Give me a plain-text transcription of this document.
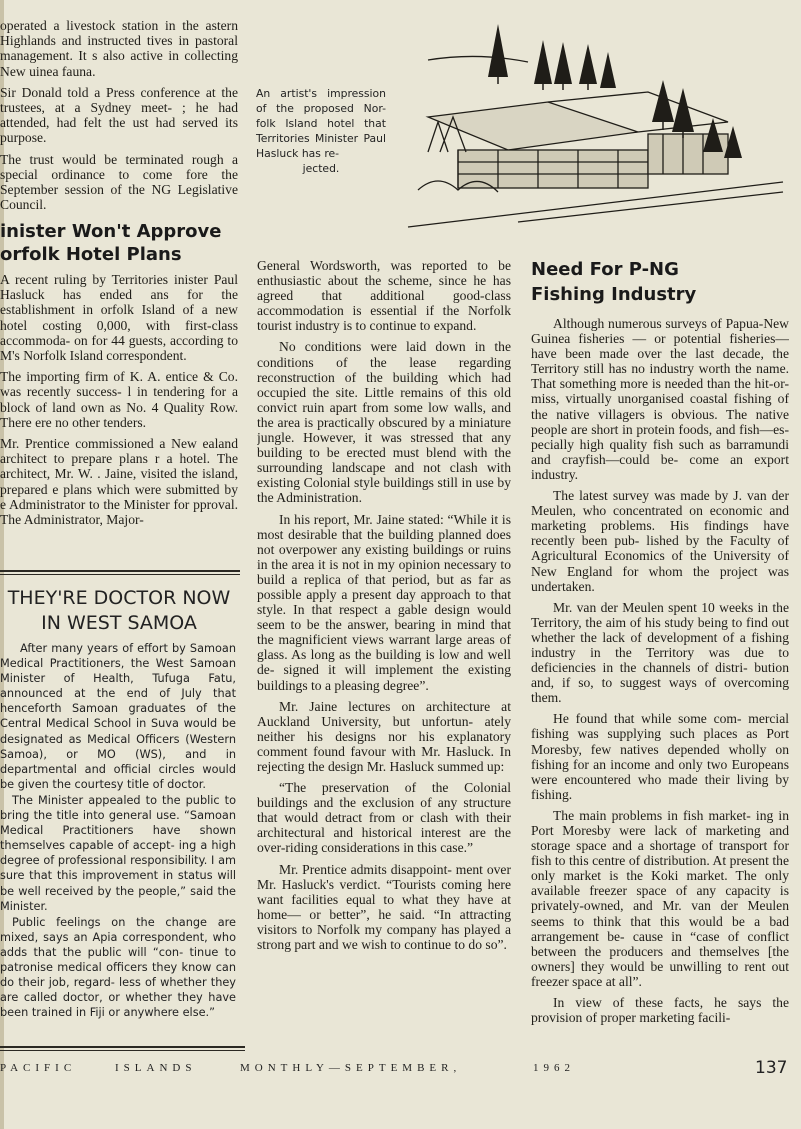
operated a livestock station in the astern Highlands and instructed tives in pastoral management. It s also active in collecting New uinea fauna.

Sir Donald told a Press conference at the trustees, at a Sydney meet- ; he had attended, had felt the ust had served its purpose.

The trust would be terminated rough a special ordinance to come fore the September session of the NG Legislative Council.

inister Won't Approve
orfolk Hotel Plans

A recent ruling by Territories inister Paul Hasluck has ended ans for the establishment in orfolk Island of a new hotel costing 0,000, with first-class accommoda- on for 44 guests, according to M's Norfolk Island correspondent.

The importing firm of K. A. entice & Co. was recently success- l in tendering for a block of land own as No. 4 Quality Row. There ere no other tenders.

Mr. Prentice commissioned a New ealand architect to prepare plans r a hotel. The architect, Mr. W. . Jaine, visited the island, prepared e plans which were submitted by e Administrator to the Minister for pproval. The Administrator, Major-

An artist's impression of the proposed Nor- folk Island hotel that Territories Minister Paul Hasluck has re-
jected.

General Wordsworth, was reported to be enthusiastic about the scheme, since he has agreed that additional good-class accommodation is essential if the Norfolk tourist industry is to continue to expand.

No conditions were laid down in the conditions of the lease regarding reconstruction of the building which had occupied the site. Little remains of this old convict ruin apart from some low walls, and the area is practically obscured by a miniature jungle. However, it was stressed that any building to be erected must blend with the surrounding landscape and not clash with existing Colonial style buildings still in use by the Administration.

In his report, Mr. Jaine stated: “While it is most desirable that the building planned does not overpower any existing buildings or ruins in the area it is not in my opinion necessary to build a replica of that period, but as far as possible apply a present day approach to that style. In that respect a gable design would seem to be the answer, bearing in mind that the magnificient views warrant large areas of glass. As long as the building is low and well de- signed it will implement the existing buildings to a pleasing degree”.

Mr. Jaine lectures on architecture at Auckland University, but unfortun- ately neither his designs nor his explanatory comment found favour with Mr. Hasluck. In rejecting the design Mr. Hasluck summed up:

“The preservation of the Colonial buildings and the exclusion of any structure that would detract from or clash with their architectural and historical interest are the over-riding considerations in this case.”

Mr. Prentice admits disappoint- ment over Mr. Hasluck's verdict. “Tourists coming here want facilities equal to what they have at home— or better”, he said. “In attracting visitors to Norfolk my company has played a strong part and we wish to continue to do so”.

Need For P-NG
Fishing Industry

Although numerous surveys of Papua-New Guinea fisheries — or potential fisheries—have been made over the last decade, the Territory still has no industry worth the name. That something more is needed than the hit-or-miss, virtually unorganised coastal fishing of the native villagers is obvious. The native people are short in protein foods, and fish—es- pecially high quality fish such as barramundi and crayfish—could be- come an export industry.

The latest survey was made by J. van der Meulen, who concentrated on economic and marketing problems. His findings have recently been pub- lished by the Faculty of Agricultural Economics of the University of New England for whom the project was undertaken.

Mr. van der Meulen spent 10 weeks in the Territory, the aim of his study being to find out whether the lack of development of a fishing industry in the Territory was due to deficiencies in the channels of distri- bution and, if so, to suggest ways of overcoming them.

He found that while some com- mercial fishing was supplying such places as Port Moresby, few natives depended wholly on fishing for an income and only two Europeans were encountered who made their living by fishing.

The main problems in fish market- ing in Port Moresby were lack of marketing and storage space and a shortage of transport for fish to this centre of distribution. At present the only market is the Koki market. The only available freezer space of any capacity is privately-owned, and Mr. van der Meulen seems to think that this would be a bad arrangement be- cause in “case of conflict between the producers and themselves [the owners] they would be unwilling to rent out freezer space at all”.

In view of these facts, he says the provision of proper marketing facili-

THEY'RE DOCTOR NOW
IN WEST SAMOA

After many years of effort by Samoan Medical Practitioners, the West Samoan Minister of Health, Tufuga Fatu, announced at the end of July that henceforth Samoan graduates of the Central Medical School in Suva would be designated as Medical Officers (Western Samoa), or MO (WS), and in departmental and official circles would be given the courtesy title of doctor.

The Minister appealed to the public to bring the title into general use. “Samoan Medical Practitioners have shown themselves capable of accept- ing a high degree of professional responsibility. I am sure that this improvement in status will be well received by the people,” said the Minister.

Public feelings on the change are mixed, says an Apia correspondent, who adds that the public will “con- tinue to patronise medical officers they know can do their job, regard- less of whether they are called doctor, or whether they have been trained in Fiji or anywhere else.”

PACIFIC	ISLANDS	MONTHLY—SEPTEMBER,	1962	137
